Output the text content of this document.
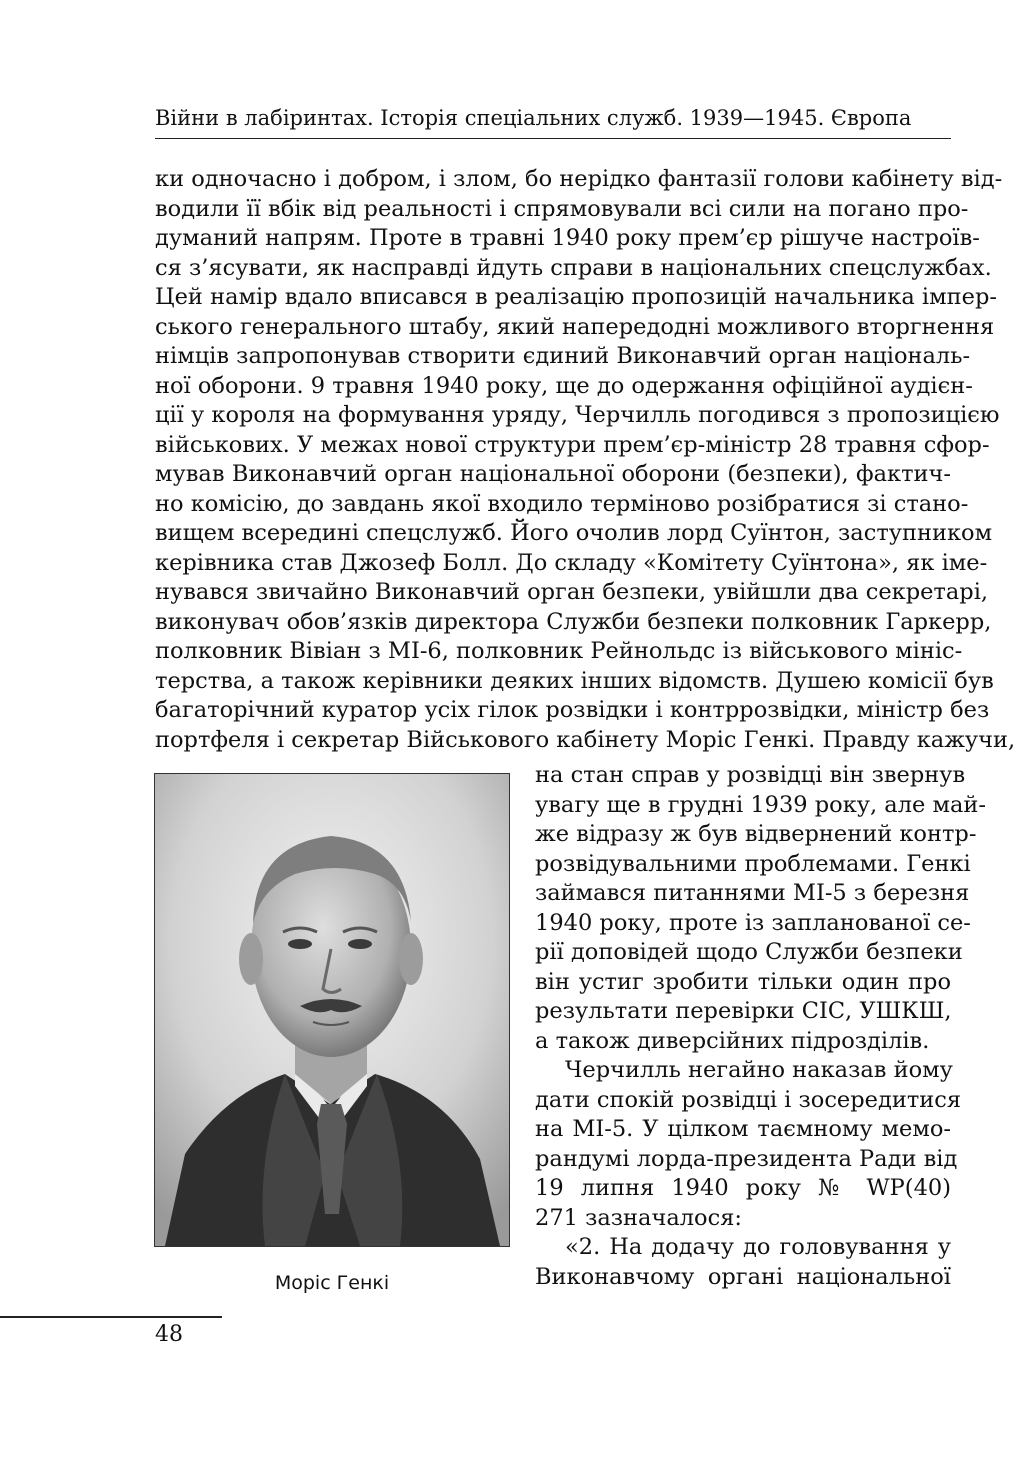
Війни в лабіринтах. Історія спеціальних служб. 1939—1945. Європа
ки одночасно і добром, і злом, бо нерідко фантазії голови кабінету від-
водили її вбік від реальності і спрямовували всі сили на погано про-
думаний напрям. Проте в травні 1940 року прем’єр рішуче настроїв-
ся з’ясувати, як насправді йдуть справи в національних спецслужбах.
Цей намір вдало вписався в реалізацію пропозицій начальника імпер-
ського генерального штабу, який напередодні можливого вторгнення
німців запропонував створити єдиний Виконавчий орган національ-
ної оборони. 9 травня 1940 року, ще до одержання офіційної аудієн-
ції у короля на формування уряду, Черчилль погодився з пропозицією
військових. У межах нової структури прем’єр-міністр 28 травня сфор-
мував Виконавчий орган національної оборони (безпеки), фактич-
но комісію, до завдань якої входило терміново розібратися зі стано-
вищем всередині спецслужб. Його очолив лорд Суїнтон, заступником
керівника став Джозеф Болл. До складу «Комітету Суїнтона», як іме-
нувався звичайно Виконавчий орган безпеки, увійшли два секретарі,
виконувач обов’язків директора Служби безпеки полковник Гаркерр,
полковник Вівіан з МІ-6, полковник Рейнольдс із військового мініс-
терства, а також керівники деяких інших відомств. Душею комісії був
багаторічний куратор усіх гілок розвідки і контррозвідки, міністр без
портфеля і секретар Військового кабінету Моріс Генкі. Правду кажучи,
на стан справ у розвідці він звернув
увагу ще в грудні 1939 року, але май-
же відразу ж був відвернений контр-
розвідувальними проблемами. Генкі
займався питаннями МІ-5 з березня
1940 року, проте із запланованої се-
рії доповідей щодо Служби безпеки
він устиг зробити тільки один про
результати перевірки СІС, УШКШ,
а також диверсійних підрозділів.
Черчилль негайно наказав йому
дати спокій розвідці і зосередитися
на МІ-5. У цілком таємному мемо-
рандумі лорда-президента Ради від
19 липня 1940 року № WP(40)
271 зазначалося:
«2. На додачу до головування у
Виконавчому органі національної
Моріс Генкі
48
